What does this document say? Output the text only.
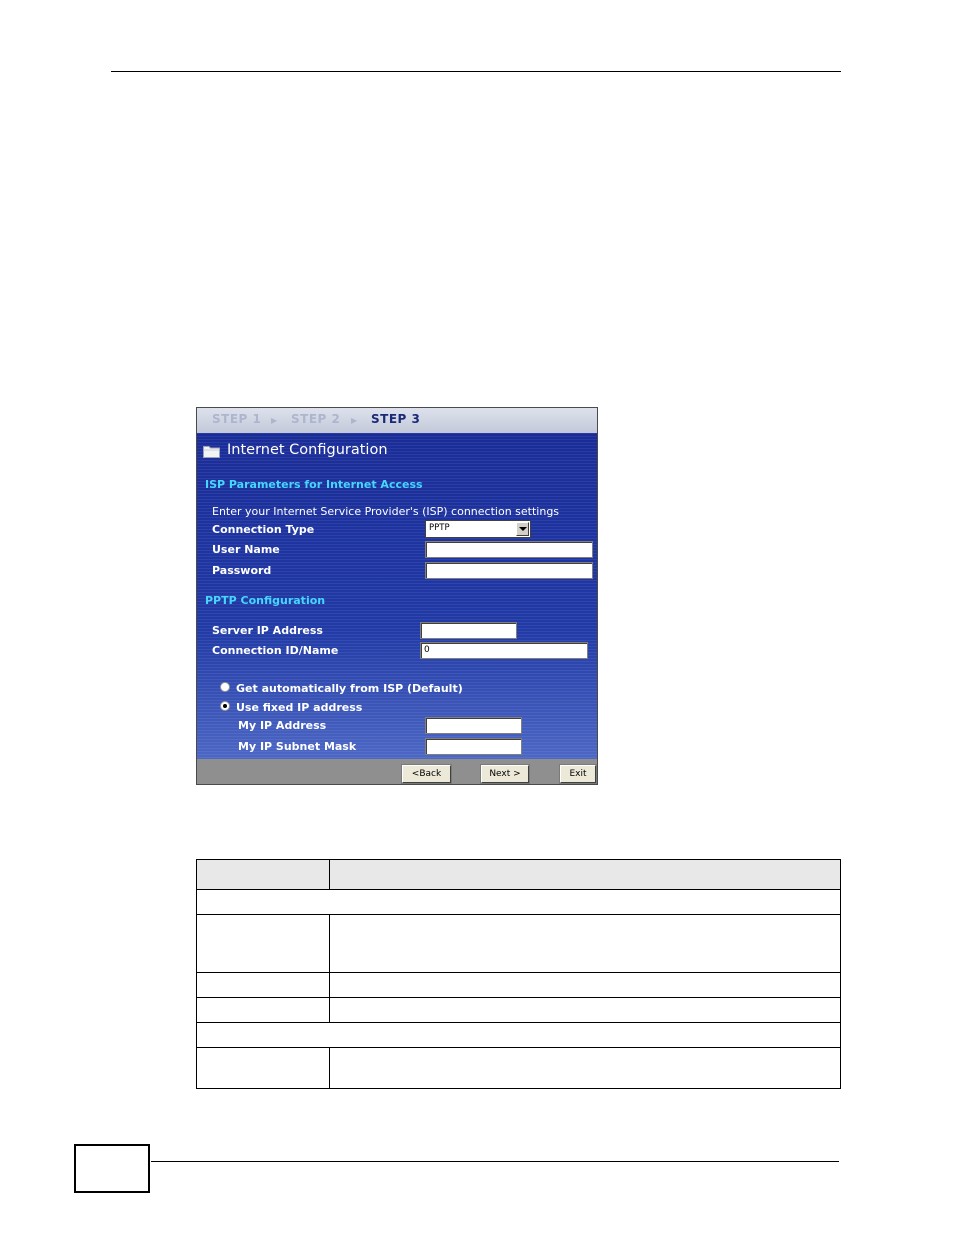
STEP 1 ▶ STEP 2 ▶ STEP 3
Internet Configuration
ISP Parameters for Internet Access
Enter your Internet Service Provider's (ISP) connection settings
Connection Type	PPTP
User Name
Password
PPTP Configuration
Server IP Address
Connection ID/Name	0
Get automatically from ISP (Default)
Use fixed IP address
My IP Address
My IP Subnet Mask
<Back	Next >	Exit
